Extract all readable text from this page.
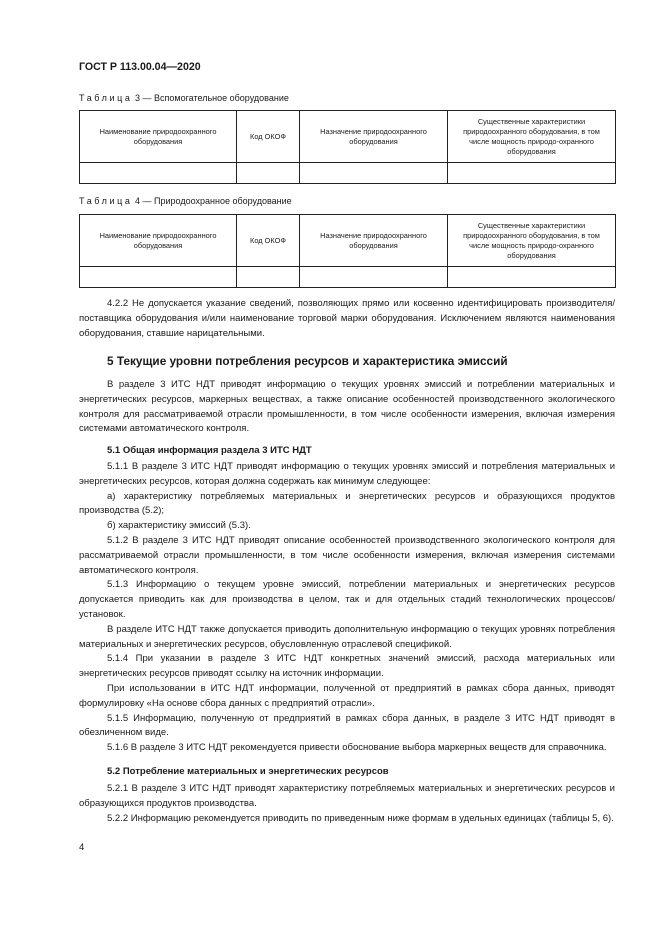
ГОСТ Р 113.00.04—2020
Таблица 3 — Вспомогательное оборудование
Наименование природоохранного оборудования	Код ОКОФ	Назначение природоохранного оборудования	Существенные характеристики природоохранного оборудования, в том числе мощность природо-охранного оборудования

Таблица 4 — Природоохранное оборудование
Наименование природоохранного оборудования	Код ОКОФ	Назначение природоохранного оборудования	Существенные характеристики природоохранного оборудования, в том числе мощность природо-охранного оборудования

4.2.2 Не допускается указание сведений, позволяющих прямо или косвенно идентифицировать производителя/поставщика оборудования и/или наименование торговой марки оборудования. Исключением являются наименования оборудования, ставшие нарицательными.
5 Текущие уровни потребления ресурсов и характеристика эмиссий
В разделе 3 ИТС НДТ приводят информацию о текущих уровнях эмиссий и потреблении материальных и энергетических ресурсов, маркерных веществах, а также описание особенностей производственного экологического контроля для рассматриваемой отрасли промышленности, в том числе особенности измерения, включая измерения системами автоматического контроля.
5.1 Общая информация раздела 3 ИТС НДТ
5.1.1 В разделе 3 ИТС НДТ приводят информацию о текущих уровнях эмиссий и потребления материальных и энергетических ресурсов, которая должна содержать как минимум следующее:
а) характеристику потребляемых материальных и энергетических ресурсов и образующихся продуктов производства (5.2);
б) характеристику эмиссий (5.3).
5.1.2 В разделе 3 ИТС НДТ приводят описание особенностей производственного экологического контроля для рассматриваемой отрасли промышленности, в том числе особенности измерения, включая измерения системами автоматического контроля.
5.1.3 Информацию о текущем уровне эмиссий, потреблении материальных и энергетических ресурсов допускается приводить как для производства в целом, так и для отдельных стадий технологических процессов/установок.
В разделе ИТС НДТ также допускается приводить дополнительную информацию о текущих уровнях потребления материальных и энергетических ресурсов, обусловленную отраслевой спецификой.
5.1.4 При указании в разделе 3 ИТС НДТ конкретных значений эмиссий, расхода материальных или энергетических ресурсов приводят ссылку на источник информации.
При использовании в ИТС НДТ информации, полученной от предприятий в рамках сбора данных, приводят формулировку «На основе сбора данных с предприятий отрасли».
5.1.5 Информацию, полученную от предприятий в рамках сбора данных, в разделе 3 ИТС НДТ приводят в обезличенном виде.
5.1.6 В разделе 3 ИТС НДТ рекомендуется привести обоснование выбора маркерных веществ для справочника.
5.2 Потребление материальных и энергетических ресурсов
5.2.1 В разделе 3 ИТС НДТ приводят характеристику потребляемых материальных и энергетических ресурсов и образующихся продуктов производства.
5.2.2 Информацию рекомендуется приводить по приведенным ниже формам в удельных единицах (таблицы 5, 6).
4
